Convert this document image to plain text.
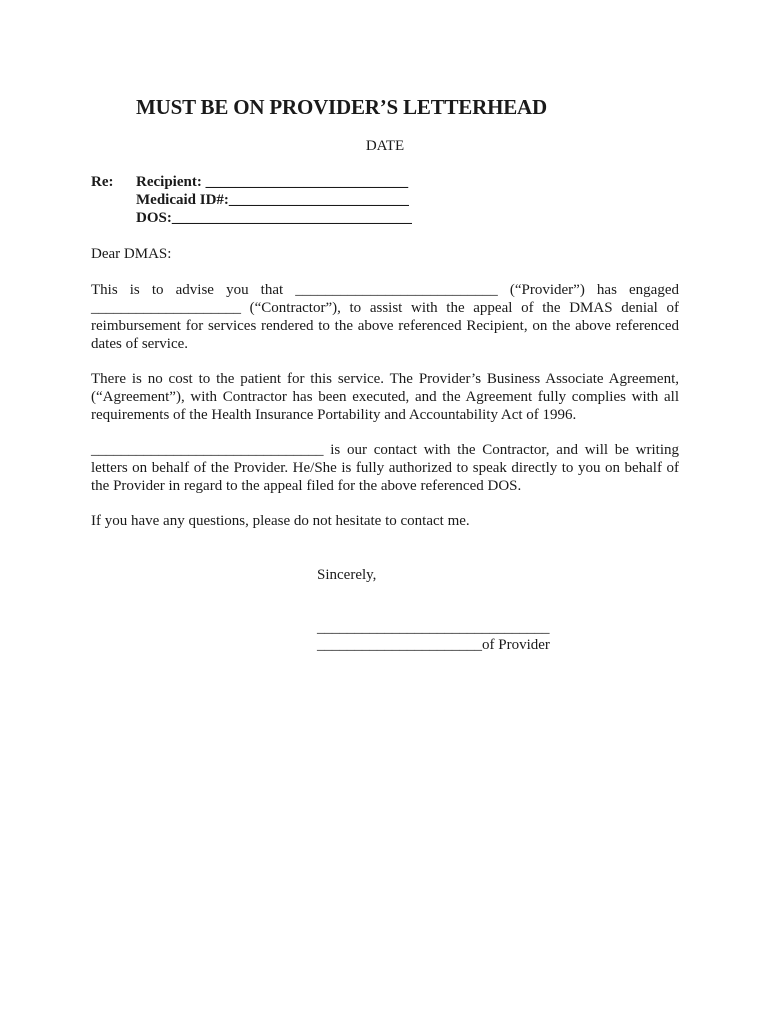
MUST BE ON PROVIDER’S LETTERHEAD
DATE
Re: Recipient: ___________________________
Medicaid ID#:________________________
DOS:________________________________
Dear DMAS:
This is to advise you that ___________________________ (“Provider”) has engaged
____________________ (“Contractor”), to assist with the appeal of the DMAS denial of
reimbursement for services rendered to the above referenced Recipient, on the above referenced
dates of service.
There is no cost to the patient for this service. The Provider’s Business Associate Agreement,
(“Agreement”), with Contractor has been executed, and the Agreement fully complies with all
requirements of the Health Insurance Portability and Accountability Act of 1996.
_______________________________ is our contact with the Contractor, and will be writing
letters on behalf of the Provider. He/She is fully authorized to speak directly to you on behalf of
the Provider in regard to the appeal filed for the above referenced DOS.
If you have any questions, please do not hesitate to contact me.
Sincerely,
_______________________________
______________________of Provider
